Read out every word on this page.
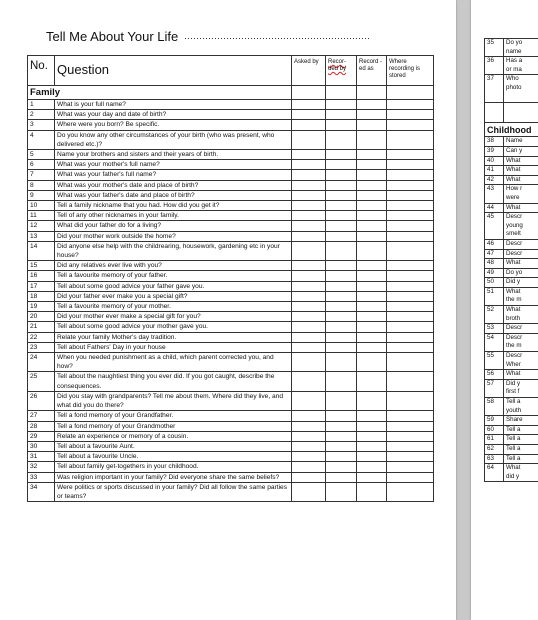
Tell Me About Your Life ..............................................................
No.	Question	Asked by	Recor- ded by	Record -ed as	Where recording is stored
Family					
1	What is your full name?				
2	What was your day and date of birth?				
3	Where were you born? Be specific.				
4	Do you know any other circumstances of your birth (who was present, who delivered etc.)?				
5	Name your brothers and sisters and their years of birth.				
6	What was your mother's full name?				
7	What was your father's full name?				
8	What was your mother's date and place of birth?				
9	What was your father's date and place of birth?				
10	Tell a family nickname that you had. How did you get it?				
11	Tell of any other nicknames in your family.				
12	What did your father do for a living?				
13	Did your mother work outside the home?				
14	Did anyone else help with the childrearing, housework, gardening etc in your house?				
15	Did any relatives ever live with you?				
16	Tell a favourite memory of your father.				
17	Tell about some good advice your father gave you.				
18	Did your father ever make you a special gift?				
19	Tell a favourite memory of your mother.				
20	Did your mother ever make a special gift for you?				
21	Tell about some good advice your mother gave you.				
22	Relate your family Mother's day tradition.				
23	Tell about Fathers' Day in your house				
24	When you needed punishment as a child, which parent corrected you, and how?				
25	Tell about the naughtiest thing you ever did. If you got caught, describe the consequences.				
26	Did you stay with grandparents? Tell me about them. Where did they live, and what did you do there?				
27	Tell a fond memory of your Grandfather.				
28	Tell a fond memory of your Grandmother				
29	Relate an experience or memory of a cousin.				
30	Tell about a favourite Aunt.				
31	Tell about a favourite Uncle.				
32	Tell about family get-togethers in your childhood.				
33	Was religion important in your family? Did everyone share the same beliefs?				
34	Were politics or sports discussed in your family? Did all follow the same parties or teams?				
35	Do yo
name
36	Has a
or ma
37	Who
photo

Childhood	
38	Name
39	Can y
40	What
41	What
42	What
43	How r
were
44	What
45	Descr
young
smelt
46	Descr
47	Descr
48	What
49	Do yo
50	Did y
51	What
the m
52	What
broth
53	Descr
54	Descr
the m
55	Descr
Wher
56	What
57	Did y
first f
58	Tell a
youth
59	Share
60	Tell a
61	Tell a
62	Tell a
63	Tell a
64	What
did y
